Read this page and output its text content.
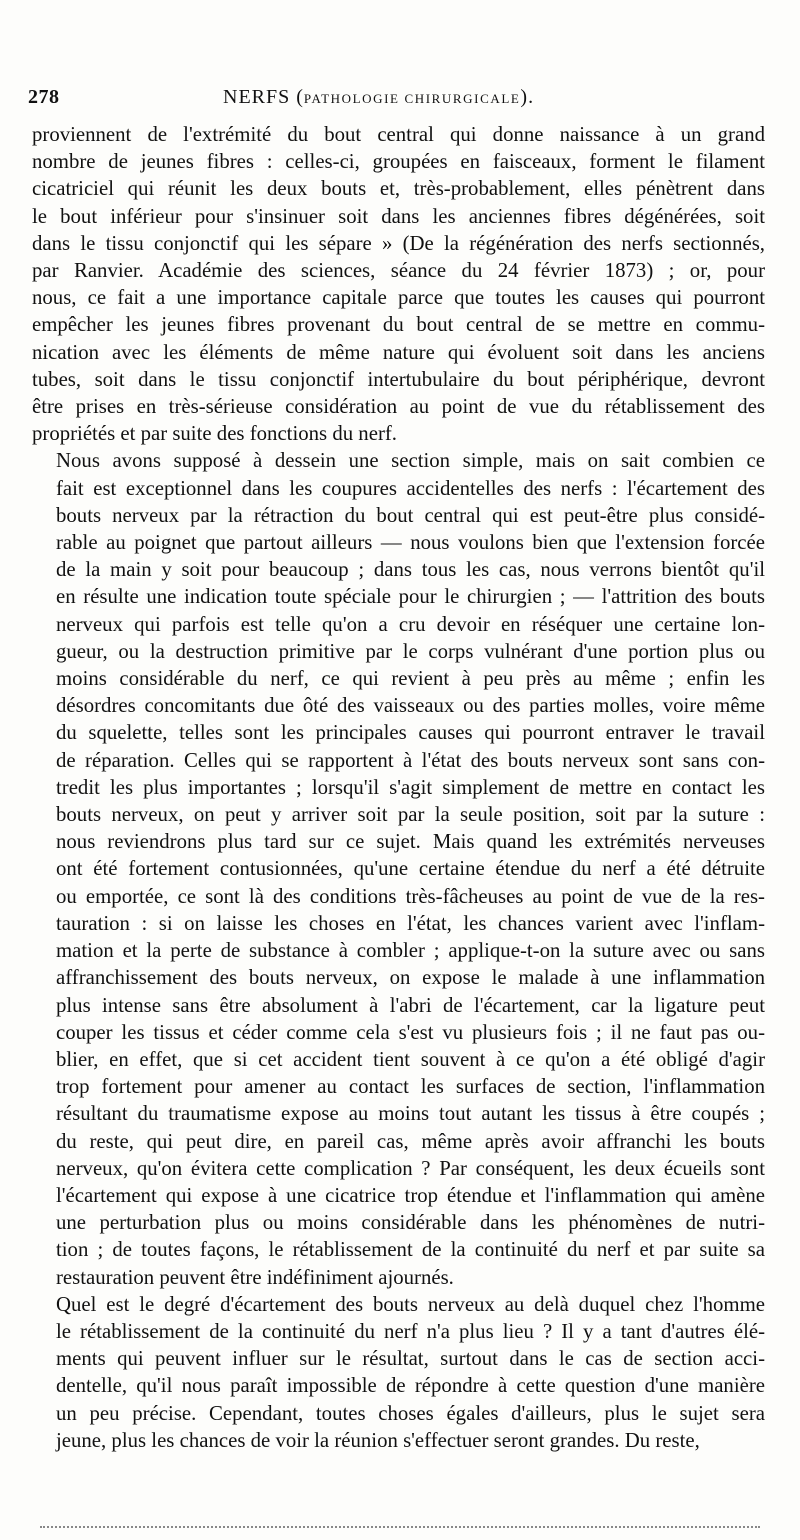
278	NERFS (PATHOLOGIE CHIRURGICALE).
proviennent de l'extrémité du bout central qui donne naissance à un grand
nombre de jeunes fibres : celles-ci, groupées en faisceaux, forment le filament
cicatriciel qui réunit les deux bouts et, très-probablement, elles pénètrent dans
le bout inférieur pour s'insinuer soit dans les anciennes fibres dégénérées, soit
dans le tissu conjonctif qui les sépare » (De la régénération des nerfs sectionnés,
par Ranvier. Académie des sciences, séance du 24 février 1873) ; or, pour
nous, ce fait a une importance capitale parce que toutes les causes qui pourront
empêcher les jeunes fibres provenant du bout central de se mettre en commu-
nication avec les éléments de même nature qui évoluent soit dans les anciens
tubes, soit dans le tissu conjonctif intertubulaire du bout périphérique, devront
être prises en très-sérieuse considération au point de vue du rétablissement des
propriétés et par suite des fonctions du nerf.
Nous avons supposé à dessein une section simple, mais on sait combien ce
fait est exceptionnel dans les coupures accidentelles des nerfs : l'écartement des
bouts nerveux par la rétraction du bout central qui est peut-être plus considé-
rable au poignet que partout ailleurs — nous voulons bien que l'extension forcée
de la main y soit pour beaucoup ; dans tous les cas, nous verrons bientôt qu'il
en résulte une indication toute spéciale pour le chirurgien ; — l'attrition des bouts
nerveux qui parfois est telle qu'on a cru devoir en réséquer une certaine lon-
gueur, ou la destruction primitive par le corps vulnérant d'une portion plus ou
moins considérable du nerf, ce qui revient à peu près au même ; enfin les
désordres concomitants due ôté des vaisseaux ou des parties molles, voire même
du squelette, telles sont les principales causes qui pourront entraver le travail
de réparation. Celles qui se rapportent à l'état des bouts nerveux sont sans con-
tredit les plus importantes ; lorsqu'il s'agit simplement de mettre en contact les
bouts nerveux, on peut y arriver soit par la seule position, soit par la suture :
nous reviendrons plus tard sur ce sujet. Mais quand les extrémités nerveuses
ont été fortement contusionnées, qu'une certaine étendue du nerf a été détruite
ou emportée, ce sont là des conditions très-fâcheuses au point de vue de la res-
tauration : si on laisse les choses en l'état, les chances varient avec l'inflam-
mation et la perte de substance à combler ; applique-t-on la suture avec ou sans
affranchissement des bouts nerveux, on expose le malade à une inflammation
plus intense sans être absolument à l'abri de l'écartement, car la ligature peut
couper les tissus et céder comme cela s'est vu plusieurs fois ; il ne faut pas ou-
blier, en effet, que si cet accident tient souvent à ce qu'on a été obligé d'agir
trop fortement pour amener au contact les surfaces de section, l'inflammation
résultant du traumatisme expose au moins tout autant les tissus à être coupés ;
du reste, qui peut dire, en pareil cas, même après avoir affranchi les bouts
nerveux, qu'on évitera cette complication ? Par conséquent, les deux écueils sont
l'écartement qui expose à une cicatrice trop étendue et l'inflammation qui amène
une perturbation plus ou moins considérable dans les phénomènes de nutri-
tion ; de toutes façons, le rétablissement de la continuité du nerf et par suite sa
restauration peuvent être indéfiniment ajournés.
Quel est le degré d'écartement des bouts nerveux au delà duquel chez l'homme
le rétablissement de la continuité du nerf n'a plus lieu ? Il y a tant d'autres élé-
ments qui peuvent influer sur le résultat, surtout dans le cas de section acci-
dentelle, qu'il nous paraît impossible de répondre à cette question d'une manière
un peu précise. Cependant, toutes choses égales d'ailleurs, plus le sujet sera
jeune, plus les chances de voir la réunion s'effectuer seront grandes. Du reste,
